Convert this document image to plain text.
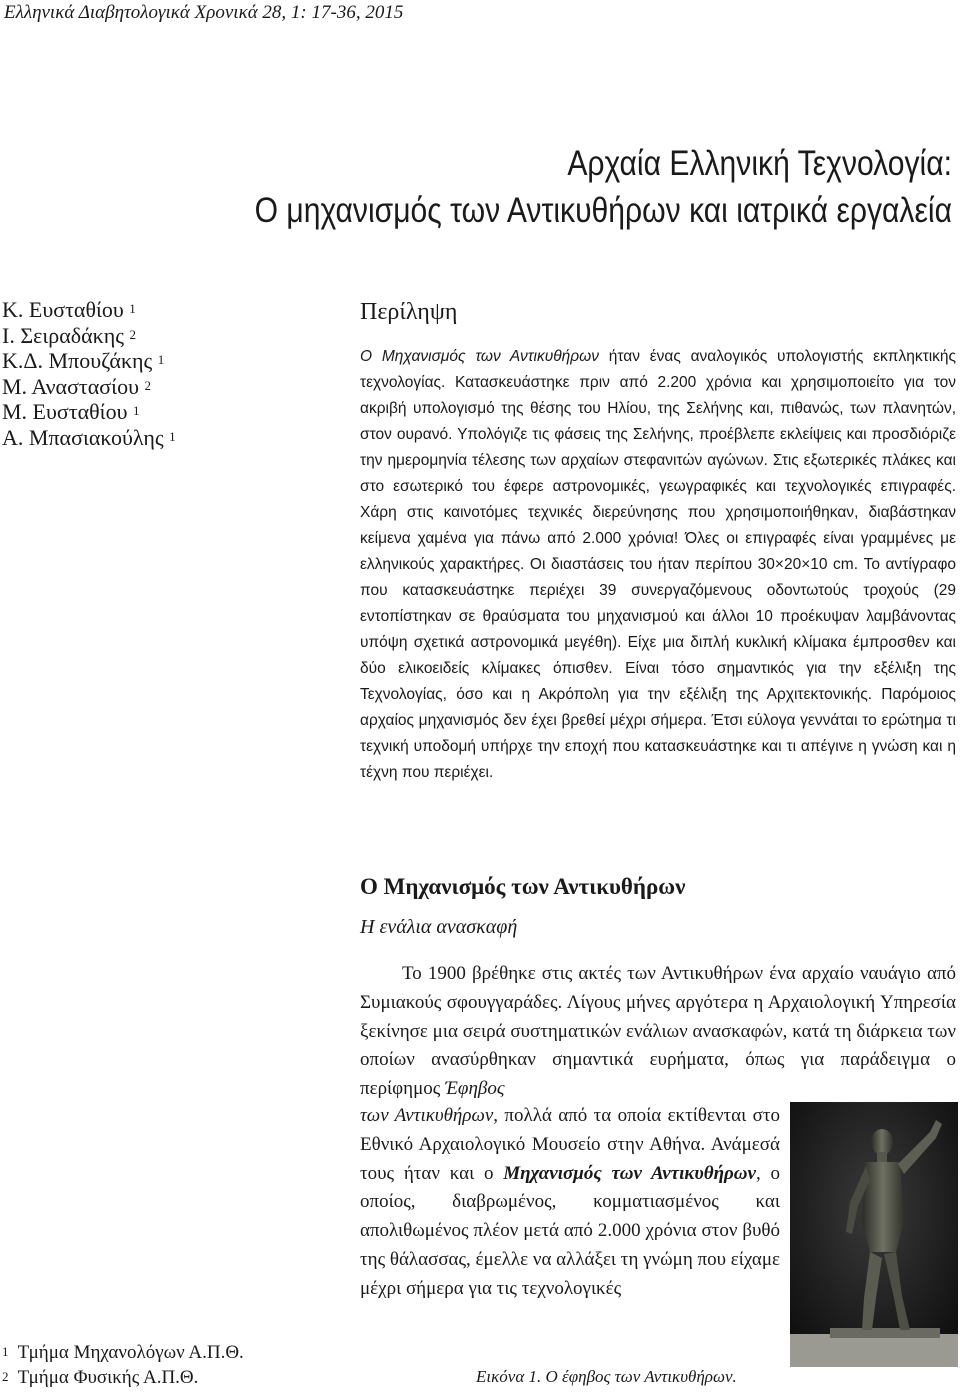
Ελληνικά Διαβητολογικά Χρονικά 28, 1: 17-36, 2015
Αρχαία Ελληνική Τεχνολογία:
Ο μηχανισμός των Αντικυθήρων και ιατρικά εργαλεία
Κ. Ευσταθίου $^1$
Ι. Σειραδάκης $^2$
Κ.Δ. Μπουζάκης $^1$
Μ. Αναστασίου $^2$
Μ. Ευσταθίου $^1$
Α. Μπασιακούλης $^1$
Περίληψη
Ο Μηχανισμός των Αντικυθήρων ήταν ένας αναλογικός υπολογιστής εκπληκτικής τεχνολογίας. Κατασκευάστηκε πριν από 2.200 χρόνια και χρησιμοποιείτο για τον ακριβή υπολογισμό της θέσης του Ηλίου, της Σελήνης και, πιθανώς, των πλανητών, στον ουρανό. Υπολόγιζε τις φάσεις της Σελήνης, προέβλεπε εκλείψεις και προσδιόριζε την ημερομηνία τέλεσης των αρχαίων στεφανιτών αγώνων. Στις εξωτερικές πλάκες και στο εσωτερικό του έφερε αστρονομικές, γεωγραφικές και τεχνολογικές επιγραφές. Χάρη στις καινοτόμες τεχνικές διερεύνησης που χρησιμοποιήθηκαν, διαβάστηκαν κείμενα χαμένα για πάνω από 2.000 χρόνια! Όλες οι επιγραφές είναι γραμμένες με ελληνικούς χαρακτήρες. Οι διαστάσεις του ήταν περίπου 30×20×10 cm. Το αντίγραφο που κατασκευάστηκε περιέχει 39 συνεργαζόμενους οδοντωτούς τροχούς (29 εντοπίστηκαν σε θραύσματα του μηχανισμού και άλλοι 10 προέκυψαν λαμβάνοντας υπόψη σχετικά αστρονομικά μεγέθη). Είχε μια διπλή κυκλική κλίμακα έμπροσθεν και δύο ελικοειδείς κλίμακες όπισθεν. Είναι τόσο σημαντικός για την εξέλιξη της Τεχνολογίας, όσο και η Ακρόπολη για την εξέλιξη της Αρχιτεκτονικής. Παρόμοιος αρχαίος μηχανισμός δεν έχει βρεθεί μέχρι σήμερα. Έτσι εύλογα γεννάται το ερώτημα τι τεχνική υποδομή υπήρχε την εποχή που κατασκευάστηκε και τι απέγινε η γνώση και η τέχνη που περιέχει.
Ο Μηχανισμός των Αντικυθήρων
Η ενάλια ανασκαφή
Το 1900 βρέθηκε στις ακτές των Αντικυθήρων ένα αρχαίο ναυάγιο από Συμιακούς σφουγγαράδες. Λίγους μήνες αργότερα η Αρχαιολογική Υπηρεσία ξεκίνησε μια σειρά συστηματικών ενάλιων ανασκαφών, κατά τη διάρκεια των οποίων ανασύρθηκαν σημαντικά ευρήματα, όπως για παράδειγμα ο περίφημος Έφηβος
των Αντικυθήρων, πολλά από τα οποία εκτίθενται στο Εθνικό Αρχαιολογικό Μουσείο στην Αθήνα. Ανάμεσά τους ήταν και ο Μηχανισμός των Αντικυθήρων, ο οποίος, διαβρωμένος, κομματιασμένος και απολιθωμένος πλέον μετά από 2.000 χρόνια στον βυθό της θάλασσας, έμελλε να αλλάξει τη γνώμη που είχαμε μέχρι σήμερα για τις τεχνολογικές
Εικόνα 1. Ο έφηβος των Αντικυθήρων.
$^1$ Τμήμα Μηχανολόγων Α.Π.Θ.
$^2$ Τμήμα Φυσικής Α.Π.Θ.
